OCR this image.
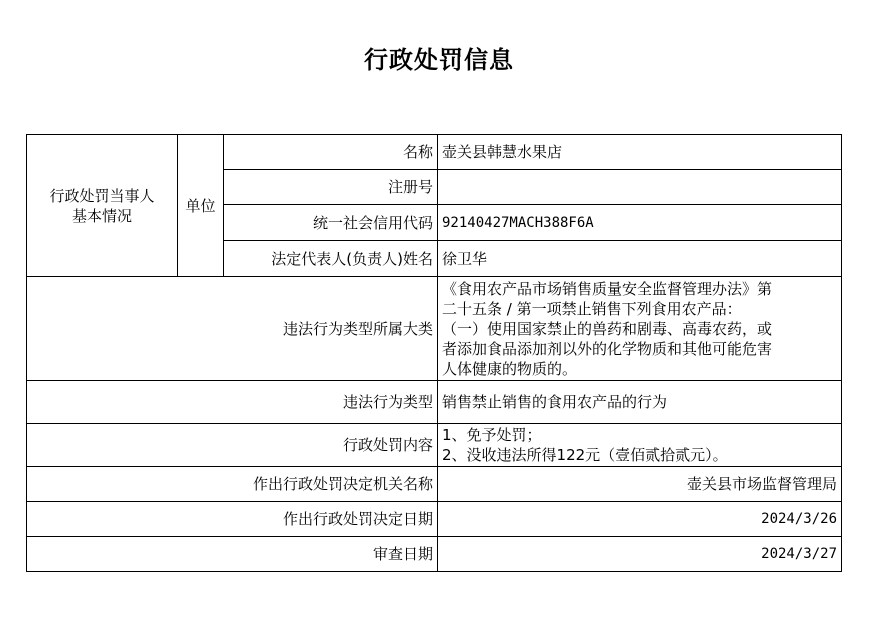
行政处罚信息
行政处罚当事人
基本情况	单位	名称	壶关县韩慧水果店
		注册号	
		统一社会信用代码	92140427MACH388F6A
		法定代表人(负责人)姓名	徐卫华
违法行为类型所属大类			《食用农产品市场销售质量安全监督管理办法》第
二十五条 / 第一项禁止销售下列食用农产品：
（一）使用国家禁止的兽药和剧毒、高毒农药，或
者添加食品添加剂以外的化学物质和其他可能危害
人体健康的物质的。

违法行为类型			销售禁止销售的食用农产品的行为
行政处罚内容			1、免予处罚；
2、没收违法所得122元（壹佰贰拾贰元）。

作出行政处罚决定机关名称			壶关县市场监督管理局
作出行政处罚决定日期			2024/3/26
审查日期			2024/3/27
